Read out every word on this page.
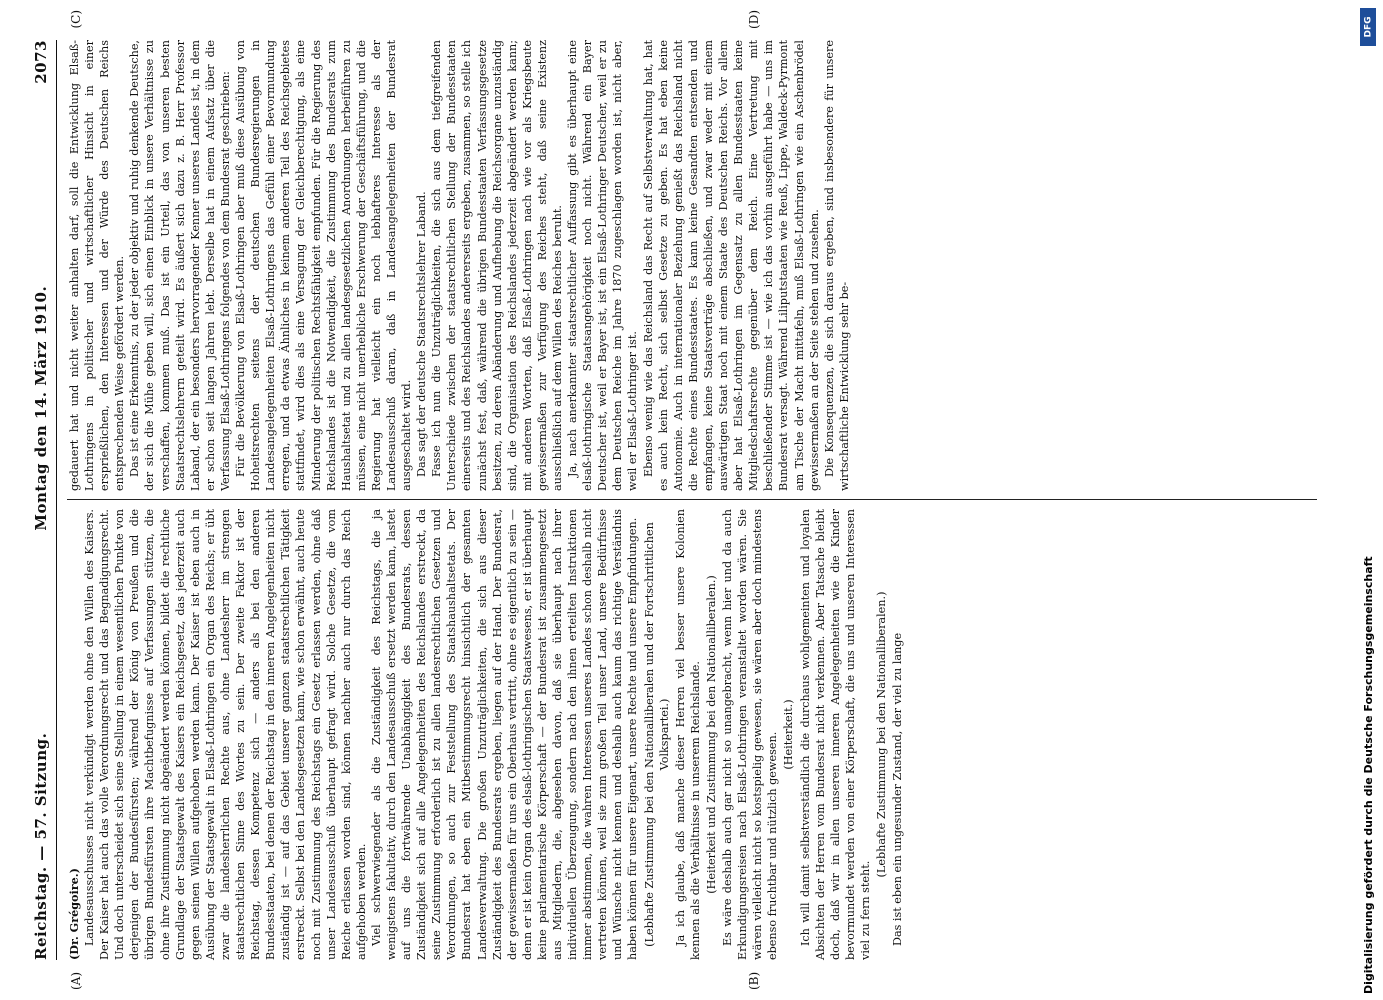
Reichstag. — 57. Sitzung.
Montag den 14. März 1910.
2073
(A)	(B)

(Dr. Grégoire.) Landesausschusses nicht verkündigt werden ohne den Willen des Kaisers. Der Kaiser hat auch das volle Verordnungsrecht und das Begnadigungsrecht. Und doch unterscheidet sich seine Stellung in einem wesentlichen Punkte von derjenigen der Bundesfürsten; während der König von Preußen und die übrigen Bundesfürsten ihre Machtbefugnisse auf Verfassungen stützen, die ohne ihre Zustimmung nicht abgeändert werden können, bildet die rechtliche Grundlage der Staatsgewalt des Kaisers ein Reichsgesetz, das jederzeit auch gegen seinen Willen aufgehoben werden kann. Der Kaiser ist eben auch in Ausübung der Staatsgewalt in Elsaß-Lothringen ein Organ des Reichs; er übt zwar die landesherrlichen Rechte aus, ohne Landesherr im strengen staatsrechtlichen Sinne des Wortes zu sein. Der zweite Faktor ist der Reichstag, dessen Kompetenz sich — anders als bei den anderen Bundesstaaten, bei denen der Reichstag in den inneren Angelegenheiten nicht zuständig ist — auf das Gebiet unserer ganzen staatsrechtlichen Tätigkeit erstreckt. Selbst bei den Landesgesetzen kann, wie schon erwähnt, auch heute noch mit Zustimmung des Reichstags ein Gesetz erlassen werden, ohne daß unser Landesausschuß überhaupt gefragt wird. Solche Gesetze, die vom Reiche erlassen worden sind, können nachher auch nur durch das Reich aufgehoben werden. Viel schwerwiegender als die Zuständigkeit des Reichstags, die ja wenigstens fakultativ, durch den Landesausschuß ersetzt werden kann, lastet auf uns die fortwährende Unabhängigkeit des Bundesrats, dessen Zuständigkeit sich auf alle Angelegenheiten des Reichslandes erstreckt, da seine Zustimmung erforderlich ist zu allen landesrechtlichen Gesetzen und Verordnungen, so auch zur Feststellung des Staatshaushaltsetats. Der Bundesrat hat eben ein Mitbestimmungsrecht hinsichtlich der gesamten Landesverwaltung. Die großen Unzuträglichkeiten, die sich aus dieser Zuständigkeit des Bundesrats ergeben, liegen auf der Hand. Der Bundesrat, der gewissermaßen für uns ein Oberhaus vertritt, ohne es eigentlich zu sein — denn er ist kein Organ des elsaß-lothringischen Staatswesens, er ist überhaupt keine parlamentarische Körperschaft — der Bundesrat ist zusammengesetzt aus Mitgliedern, die, abgesehen davon, daß sie überhaupt nach ihrer individuellen Überzeugung, sondern nach den ihnen erteilten Instruktionen immer abstimmen, die wahren Interessen unseres Landes schon deshalb nicht vertreten können, weil sie zum großen Teil unser Land, unsere Bedürfnisse und Wünsche nicht kennen und deshalb auch kaum das richtige Verständnis haben können für unsere Eigenart, unsere Rechte und unsere Empfindungen. (Lebhafte Zustimmung bei den Nationalliberalen und der Fortschrittlichen Volkspartei.) Ja ich glaube, daß manche dieser Herren viel besser unsere Kolonien kennen als die Verhältnisse in unserem Reichslande. (Heiterkeit und Zustimmung bei den Nationalliberalen.) Es wäre deshalb auch gar nicht so unangebracht, wenn hier und da auch Erkundigungsreisen nach Elsaß-Lothringen veranstaltet worden wären. Sie wären vielleicht nicht so kostspielig gewesen, sie wären aber doch mindestens ebenso fruchtbar und nützlich gewesen. (Heiterkeit.) Ich will damit selbstverständlich die durchaus wohlgemeinten und loyalen Absichten der Herren vom Bundesrat nicht verkennen. Aber Tatsache bleibt doch, daß wir in allen unseren inneren Angelegenheiten wie die Kinder bevormundet werden von einer Körperschaft, die uns und unseren Interessen viel zu fern steht.

(Lebhafte Zustimmung bei den Nationalliberalen.) Das ist eben ein ungesunder Zustand, der viel zu lange

(C)	(D)

gedauert hat und nicht weiter anhalten darf, soll die Entwicklung Elsaß-Lothringens in politischer und wirtschaftlicher Hinsicht in einer ersprießlichen, den Interessen und der Würde des Deutschen Reichs entsprechenden Weise gefördert werden. Das ist eine Erkenntnis, zu der jeder objektiv und ruhig denkende Deutsche, der sich die Mühe geben will, sich einen Einblick in unsere Verhältnisse zu verschaffen, kommen muß. Das ist ein Urteil, das von unseren besten Staatsrechtslehrern geteilt wird. Es äußert sich dazu z. B. Herr Professor Laband, der ein besonders hervorragender Kenner unseres Landes ist, in dem er schon seit langen Jahren lebt. Derselbe hat in einem Aufsatz über die Verfassung Elsaß-Lothringens folgendes von dem Bundesrat geschrieben: Für die Bevölkerung von Elsaß-Lothringen aber muß diese Ausübung von Hoheitsrechten seitens der deutschen Bundesregierungen in Landesangelegenheiten Elsaß-Lothringens das Gefühl einer Bevormundung erregen, und da etwas Ähnliches in keinem anderen Teil des Reichsgebietes stattfindet, wird dies als eine Versagung der Gleichberechtigung, als eine Minderung der politischen Rechtsfähigkeit empfunden. Für die Regierung des Reichslandes ist die Notwendigkeit, die Zustimmung des Bundesrats zum Haushaltsetat und zu allen landesgesetzlichen Anordnungen herbeiführen zu müssen, eine nicht unerhebliche Erschwerung der Geschäftsführung, und die Regierung hat vielleicht ein noch lebhafteres Interesse als der Landesausschuß daran, daß in Landesangelegenheiten der Bundesrat ausgeschaltet wird. Das sagt der deutsche Staatsrechtslehrer Laband. Fasse ich nun die Unzuträglichkeiten, die sich aus dem tiefgreifenden Unterschiede zwischen der staatsrechtlichen Stellung der Bundesstaaten einerseits und des Reichslandes andererseits ergeben, zusammen, so stelle ich zunächst fest, daß, während die übrigen Bundesstaaten Verfassungsgesetze besitzen, zu deren Abänderung und Aufhebung die Reichsorgane unzuständig sind, die Organisation des Reichslandes jederzeit abgeändert werden kann; mit anderen Worten, daß Elsaß-Lothringen nach wie vor als Kriegsbeute gewissermaßen zur Verfügung des Reiches steht, daß seine Existenz ausschließlich auf dem Willen des Reiches beruht. Ja, nach anerkannter staatsrechtlicher Auffassung gibt es überhaupt eine elsaß-lothringische Staatsangehörigkeit noch nicht. Während ein Bayer Deutscher ist, weil er Bayer ist, ist ein Elsaß-Lothringer Deutscher, weil er zu dem Deutschen Reiche im Jahre 1870 zugeschlagen worden ist, nicht aber, weil er Elsaß-Lothringer ist. Ebenso wenig wie das Reichsland das Recht auf Selbstverwaltung hat, hat es auch kein Recht, sich selbst Gesetze zu geben. Es hat eben keine Autonomie. Auch in internationaler Beziehung genießt das Reichsland nicht die Rechte eines Bundesstaates. Es kann keine Gesandten entsenden und empfangen, keine Staatsverträge abschließen, und zwar weder mit einem auswärtigen Staat noch mit einem Staate des Deutschen Reichs. Vor allem aber hat Elsaß-Lothringen im Gegensatz zu allen Bundesstaaten keine Mitgliedschaftsrechte gegenüber dem Reich. Eine Vertretung mit beschließender Stimme ist — wie ich das vorhin ausgeführt habe — uns im Bundesrat versagt. Während Liliputstaaten wie Reuß, Lippe, Waldeck-Pyrmont am Tische der Macht mittafeln, muß Elsaß-Lothringen wie ein Aschenbrödel gewissermaßen an der Seite stehen und zusehen. Die Konsequenzen, die sich daraus ergeben, sind insbesondere für unsere wirtschaftliche Entwicklung sehr be-

Digitalisierung gefördert durch die Deutsche Forschungsgemeinschaft
DFG
